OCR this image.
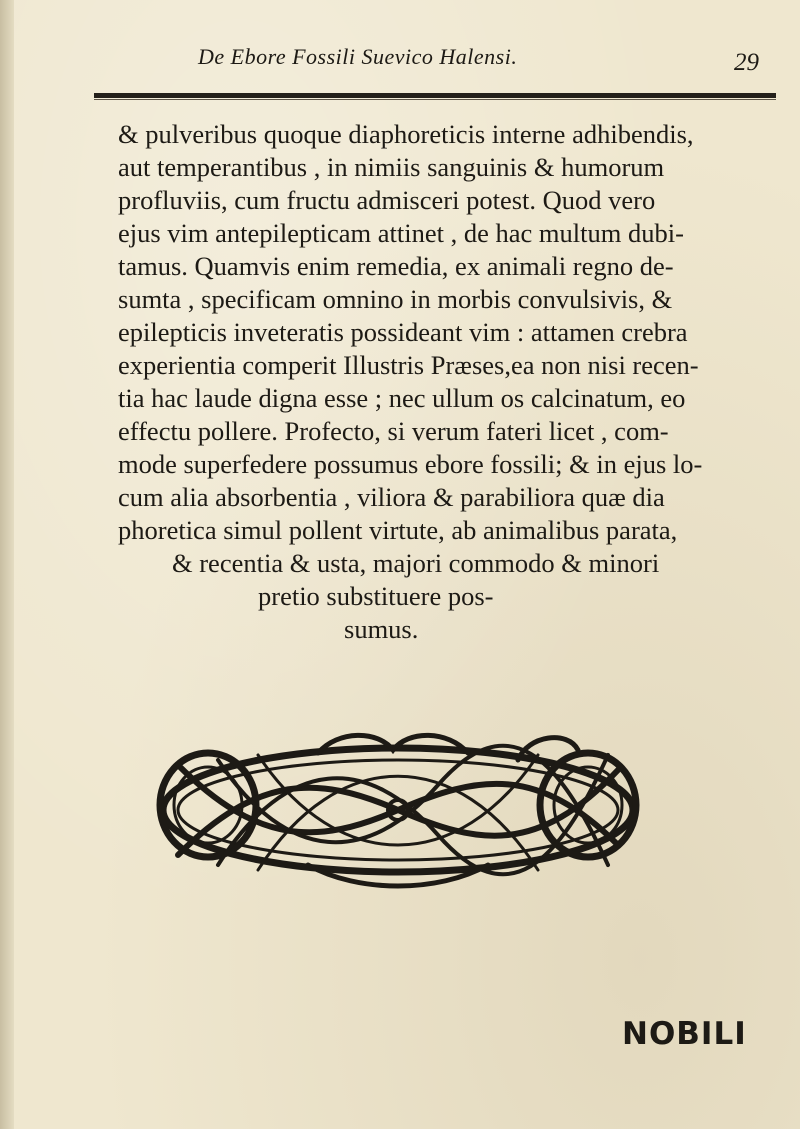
De Ebore Fossili Suevico Halensi.	29
& pulveribus quoque diaphoreticis interne adhibendis,
aut temperantibus , in nimiis sanguinis & humorum
profluviis, cum fructu admisceri potest. Quod vero
ejus vim antepilepticam attinet , de hac multum dubi-
tamus. Quamvis enim remedia, ex animali regno de-
sumta , specificam omnino in morbis convulsivis, &
epilepticis inveteratis possideant vim : attamen crebra
experientia comperit Illustris Præses,ea non nisi recen-
tia hac laude digna esse ; nec ullum os calcinatum, eo
effectu pollere. Profecto, si verum fateri licet , com-
mode superfedere possumus ebore fossili; & in ejus lo-
cum alia absorbentia , viliora & parabiliora quæ dia
phoretica simul pollent virtute, ab animalibus parata,
& recentia & usta, majori commodo & minori
pretio substituere pos-
sumus.
NOBILI
